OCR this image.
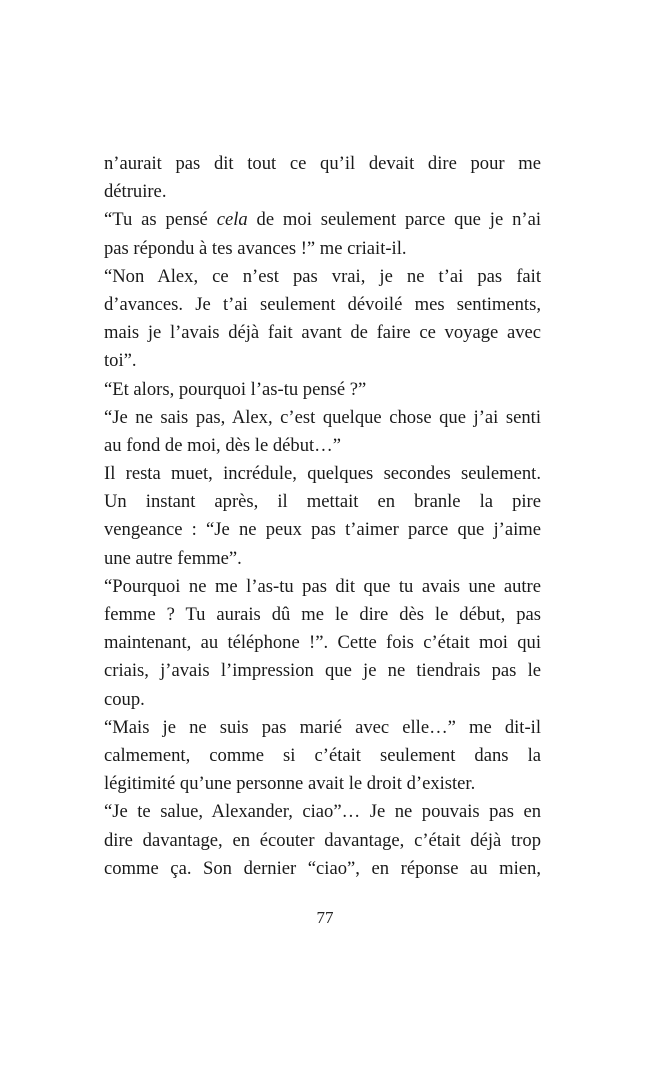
n’aurait pas dit tout ce qu’il devait dire pour me
détruire.
“Tu as pensé cela de moi seulement parce que je n’ai
pas répondu à tes avances !” me criait-il.
“Non Alex, ce n’est pas vrai, je ne t’ai pas fait
d’avances. Je t’ai seulement dévoilé mes sentiments,
mais je l’avais déjà fait avant de faire ce voyage avec
toi”.
“Et alors, pourquoi l’as-tu pensé ?”
“Je ne sais pas, Alex, c’est quelque chose que j’ai senti
au fond de moi, dès le début…”
Il resta muet, incrédule, quelques secondes seulement.
Un instant après, il mettait en branle la pire
vengeance : “Je ne peux pas t’aimer parce que j’aime
une autre femme”.
“Pourquoi ne me l’as-tu pas dit que tu avais une autre
femme ? Tu aurais dû me le dire dès le début, pas
maintenant, au téléphone !”. Cette fois c’était moi qui
criais, j’avais l’impression que je ne tiendrais pas le
coup.
“Mais je ne suis pas marié avec elle…” me dit-il
calmement, comme si c’était seulement dans la
légitimité qu’une personne avait le droit d’exister.
“Je te salue, Alexander, ciao”… Je ne pouvais pas en
dire davantage, en écouter davantage, c’était déjà trop
comme ça. Son dernier “ciao”, en réponse au mien,
77
